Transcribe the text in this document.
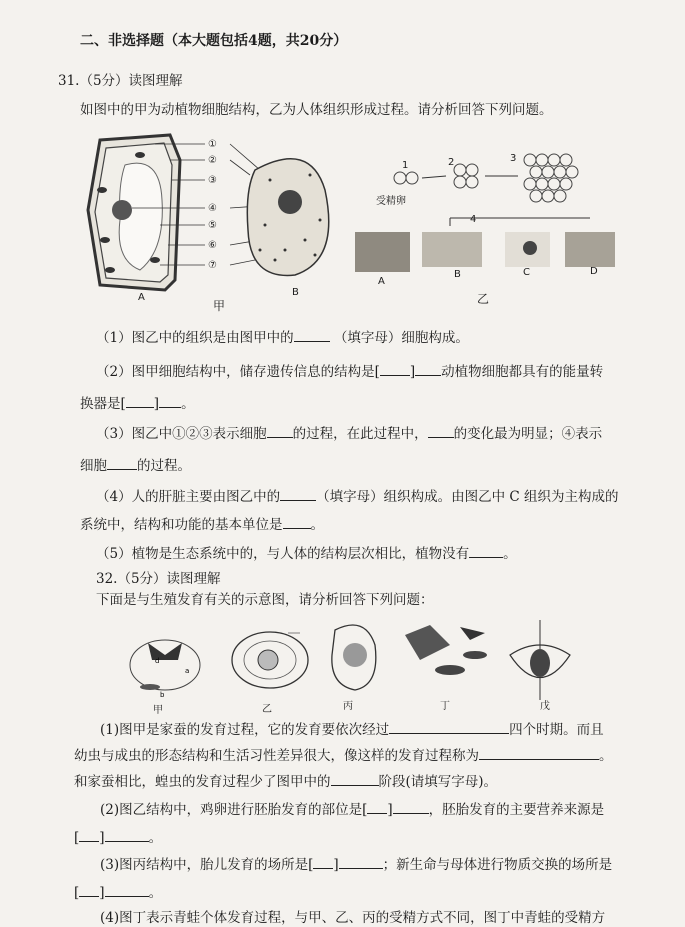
二、非选择题（本大题包括4题，共20分）
31.（5分）读图理解
如图中的甲为动植物细胞结构，乙为人体组织形成过程。请分析回答下列问题。
①
②
③
④
⑤
⑥
⑦
A	B
甲
1	2	3
4
受精卵
A
B	C	D
乙
（1）图乙中的组织是由图甲中的	（填字母）细胞构成。
（2）图甲细胞结构中，储存遗传信息的结构是[ ] 动植物细胞都具有的能量转
换器是[ ] 。
（3）图乙中①②③表示细胞 的过程，在此过程中， 的变化最为明显；④表示
细胞 的过程。
（4）人的肝脏主要由图乙中的	（填字母）组织构成。由图乙中 C 组织为主构成的
系统中，结构和功能的基本单位是 。
（5）植物是生态系统中的，与人体的结构层次相比，植物没有	。
32.（5分）读图理解
下面是与生殖发育有关的示意图，请分析回答下列问题：
d
a
b
甲	乙	丙	丁	戊
(1)图甲是家蚕的发育过程，它的发育要依次经过	四个时期。而且
幼虫与成虫的形态结构和生活习性差异很大，像这样的发育过程称为	。
和家蚕相比，蝗虫的发育过程少了图甲中的	阶段(请填写字母)。
(2)图乙结构中，鸡卵进行胚胎发育的部位是[ ]	，胚胎发育的主要营养来源是
[ ]	。
(3)图丙结构中，胎儿发育的场所是[ ]	；新生命与母体进行物质交换的场所是
[ ]	。
(4)图丁表示青蛙个体发育过程，与甲、乙、丙的受精方式不同，图丁中青蛙的受精方
